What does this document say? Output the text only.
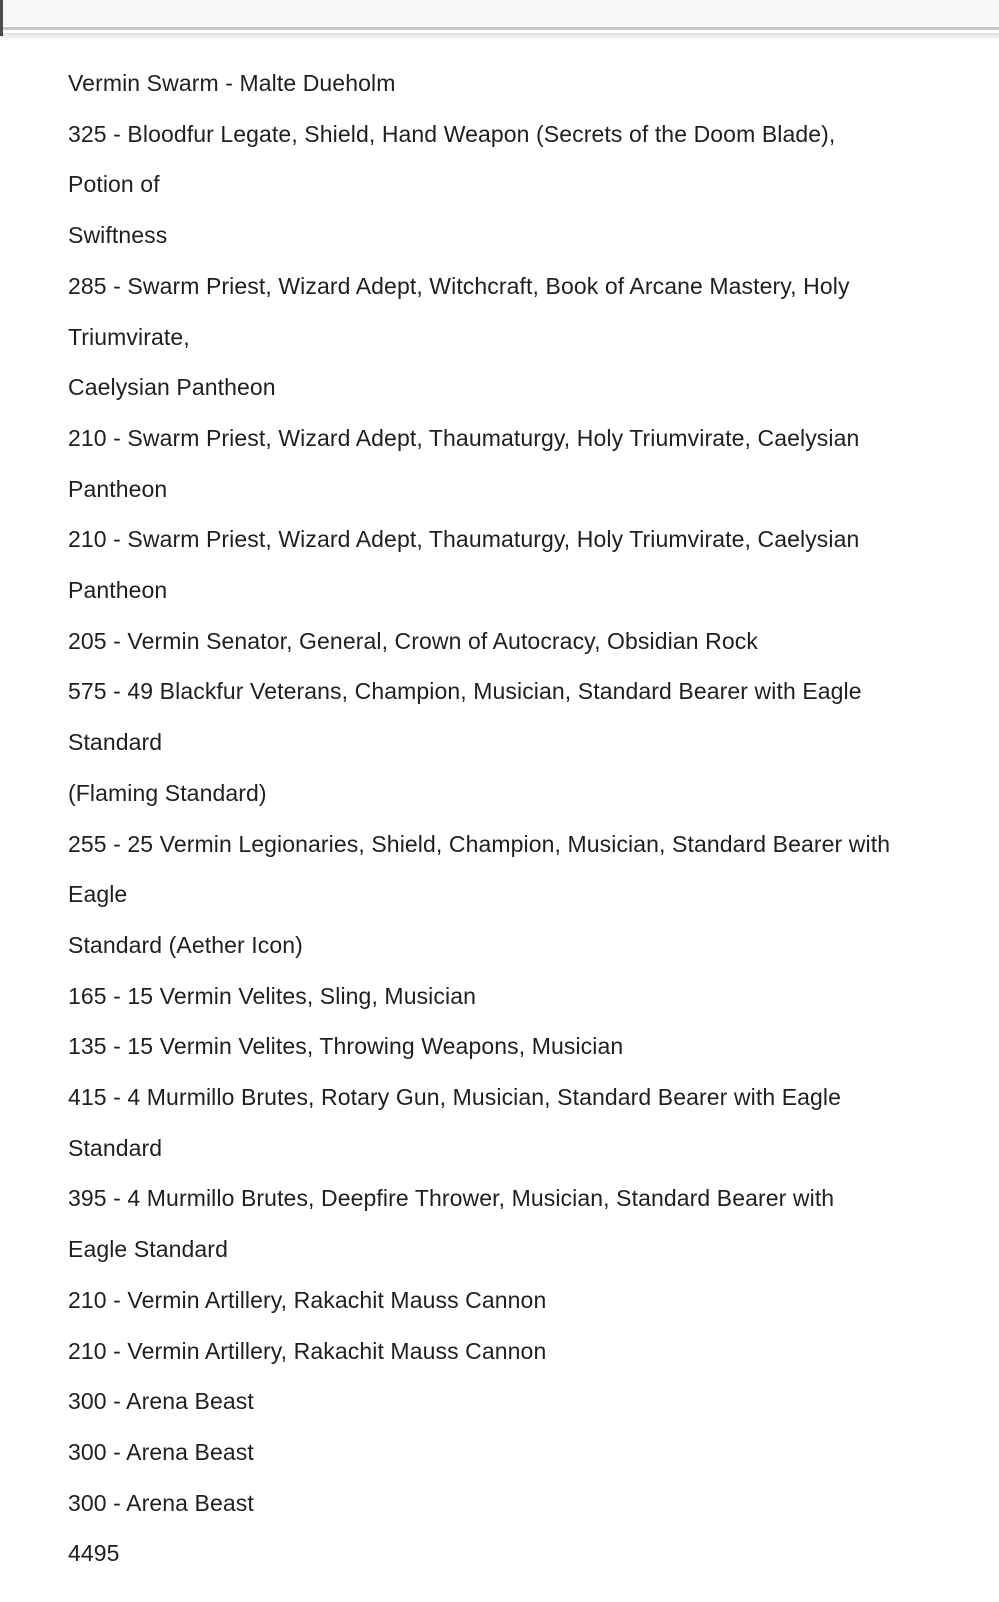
Vermin Swarm - Malte Dueholm
325 - Bloodfur Legate, Shield, Hand Weapon (Secrets of the Doom Blade),
Potion of
Swiftness
285 - Swarm Priest, Wizard Adept, Witchcraft, Book of Arcane Mastery, Holy
Triumvirate,
Caelysian Pantheon
210 - Swarm Priest, Wizard Adept, Thaumaturgy, Holy Triumvirate, Caelysian
Pantheon
210 - Swarm Priest, Wizard Adept, Thaumaturgy, Holy Triumvirate, Caelysian
Pantheon
205 - Vermin Senator, General, Crown of Autocracy, Obsidian Rock
575 - 49 Blackfur Veterans, Champion, Musician, Standard Bearer with Eagle
Standard
(Flaming Standard)
255 - 25 Vermin Legionaries, Shield, Champion, Musician, Standard Bearer with
Eagle
Standard (Aether Icon)
165 - 15 Vermin Velites, Sling, Musician
135 - 15 Vermin Velites, Throwing Weapons, Musician
415 - 4 Murmillo Brutes, Rotary Gun, Musician, Standard Bearer with Eagle
Standard
395 - 4 Murmillo Brutes, Deepfire Thrower, Musician, Standard Bearer with
Eagle Standard
210 - Vermin Artillery, Rakachit Mauss Cannon
210 - Vermin Artillery, Rakachit Mauss Cannon
300 - Arena Beast
300 - Arena Beast
300 - Arena Beast
4495
